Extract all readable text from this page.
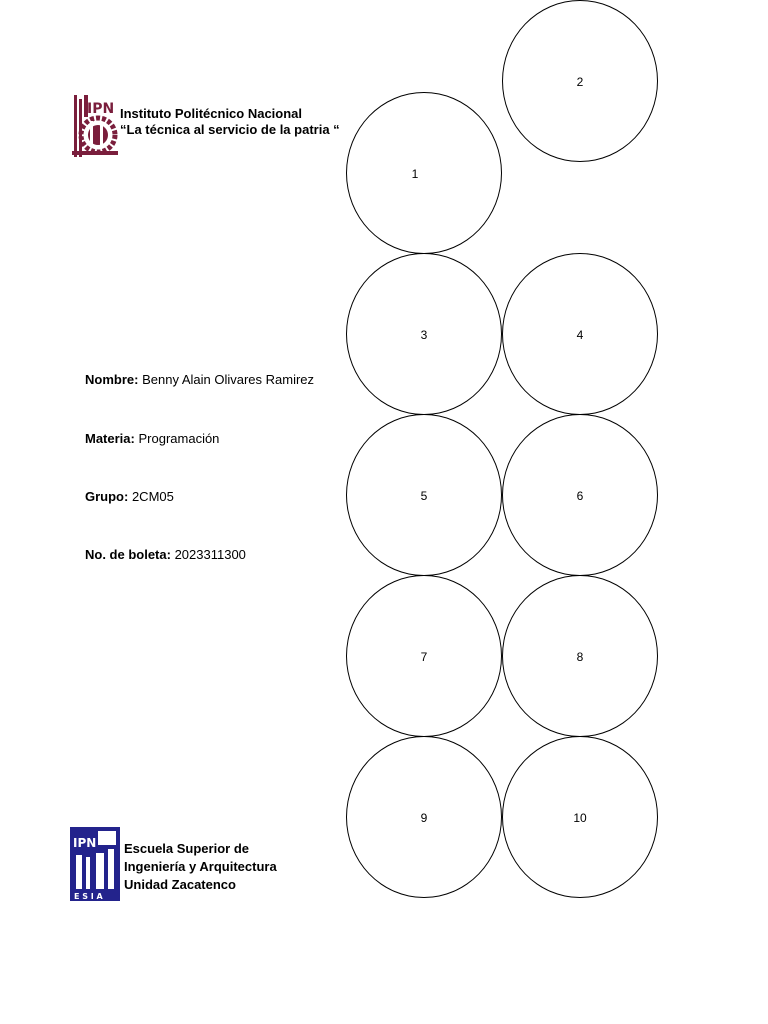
IPN Instituto Politécnico Nacional
“La técnica al servicio de la patria “
Nombre: Benny Alain Olivares Ramirez
Materia: Programación
Grupo: 2CM05
No. de boleta: 2023311300
IPN
E S I A
Escuela Superior de
Ingeniería y Arquitectura
Unidad Zacatenco
1
2
3	4
5	6
7	8
9	10
